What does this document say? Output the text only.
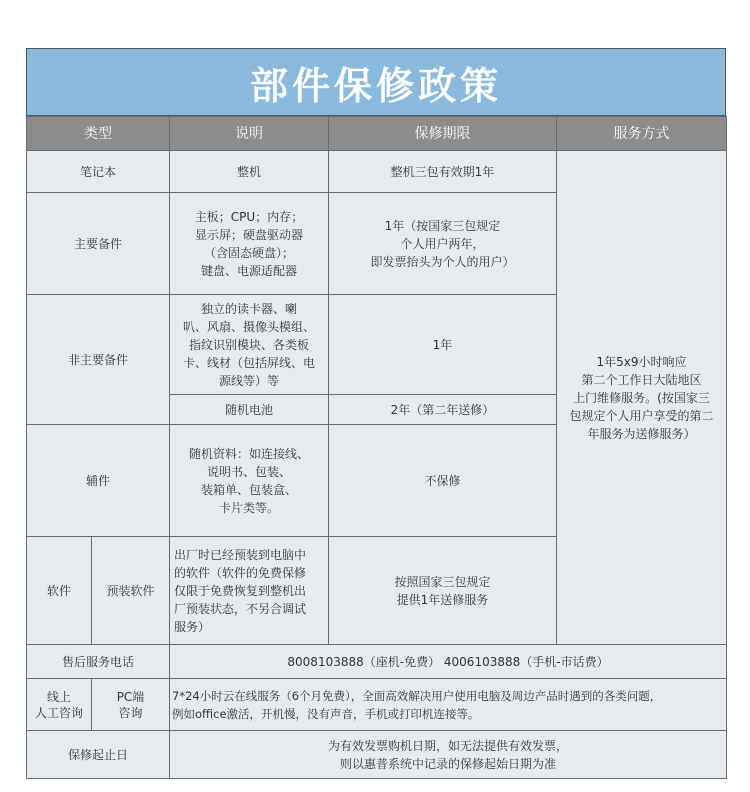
部件保修政策
类型		说明	保修期限	服务方式
笔记本		整机	整机三包有效期1年	1年5x9小时响应
第二个工作日大陆地区
上门维修服务。(按国家三
包规定个人用户享受的第二
年服务为送修服务）
主要备件		主板；CPU；内存；
显示屏；硬盘驱动器
（含固态硬盘）；
键盘、电源适配器	1年（按国家三包规定
个人用户两年，
即发票抬头为个人的用户）	
非主要备件		独立的读卡器、喇
叭、风扇、摄像头模组、
指纹识别模块、各类板
卡、线材（包括屏线、电
源线等）等	1年	
		随机电池	2年（第二年送修）	
辅件		随机资料：如连接线、
说明书、包装、
装箱单、包装盒、
卡片类等。	不保修	
软件	预装软件	出厂时已经预装到电脑中
的软件（软件的免费保修
仅限于免费恢复到整机出
厂预装状态，不另合调试
服务）	按照国家三包规定
提供1年送修服务	
售后服务电话		8008103888（座机-免费） 4006103888（手机-市话费）		
线上
人工咨询	PC端
咨询	7*24小时云在线服务（6个月免费），全面高效解决用户使用电脑及周边产品时遇到的各类问题，
例如office激活，开机慢，没有声音，手机或打印机连接等。		
保修起止日		为有效发票购机日期，如无法提供有效发票，
则以惠普系统中记录的保修起始日期为准		
